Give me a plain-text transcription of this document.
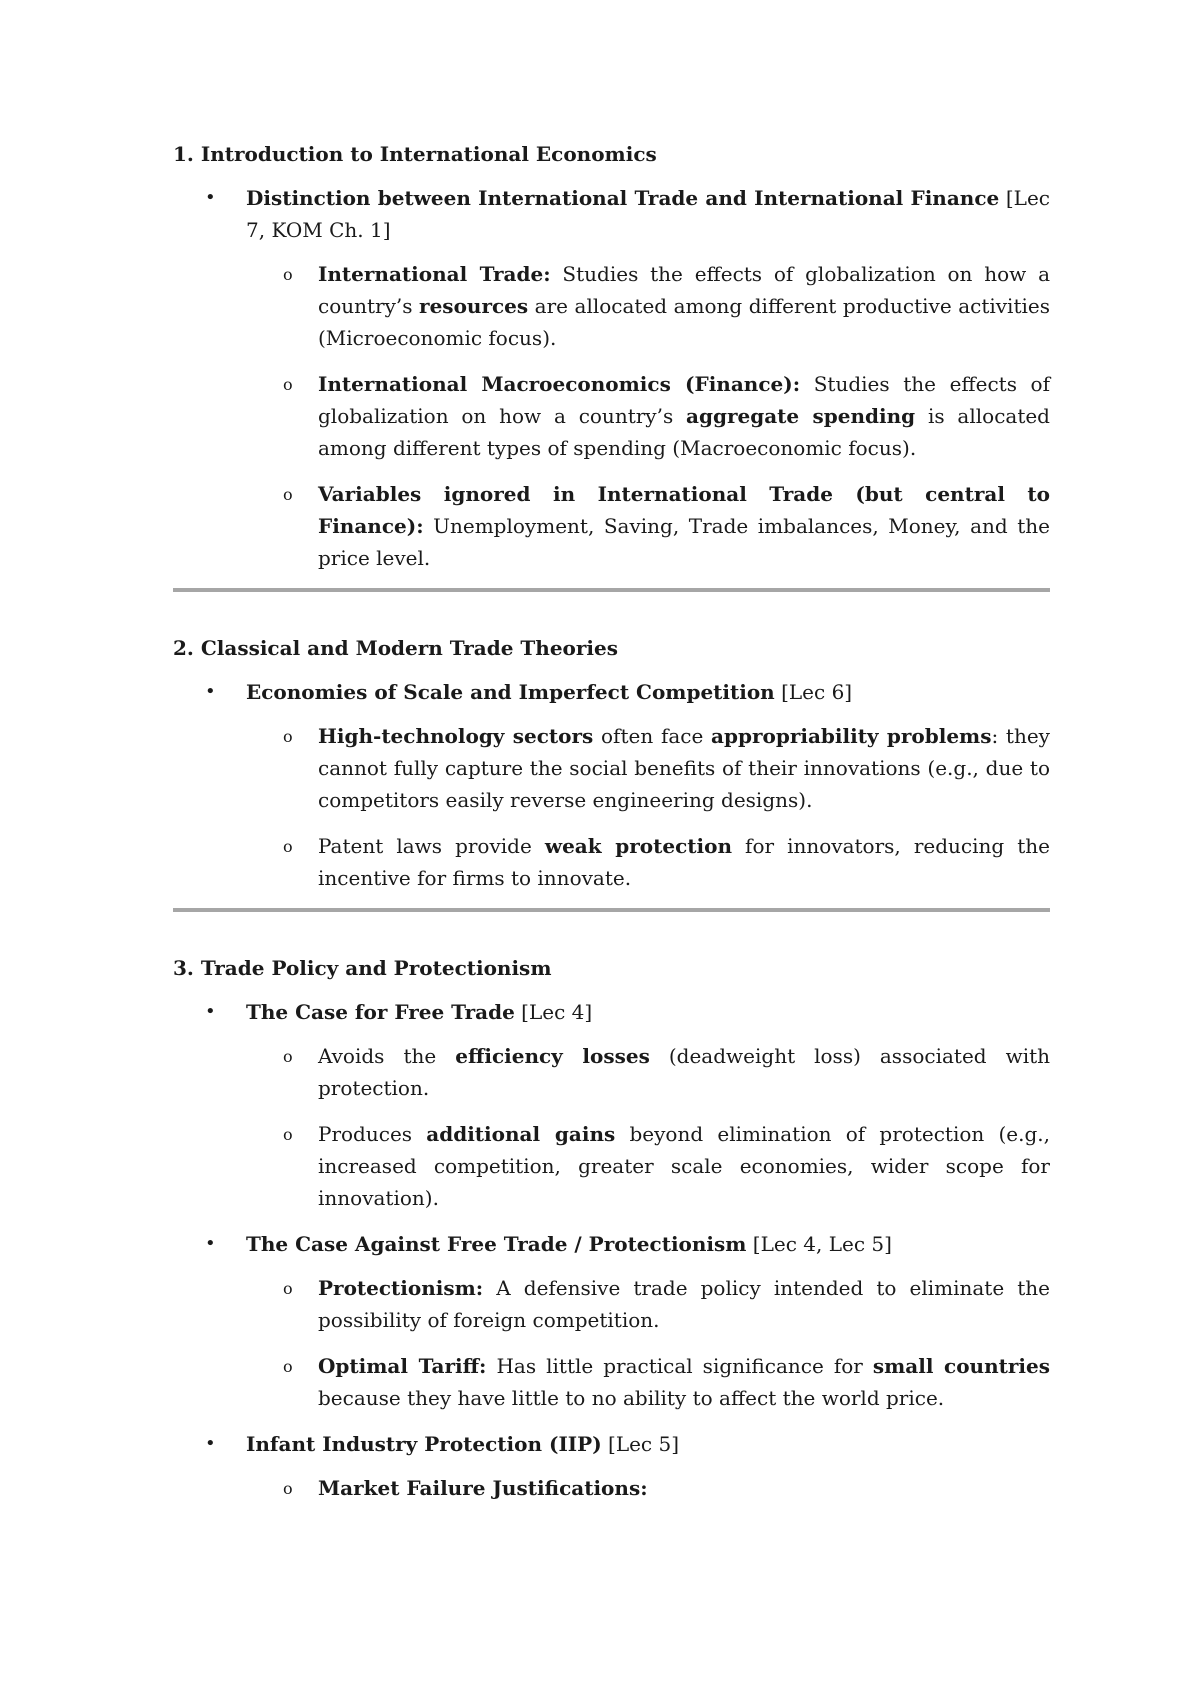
1. Introduction to International Economics
• Distinction between International Trade and International Finance [Lec 7, KOM Ch. 1]
o International Trade: Studies the effects of globalization on how a country’s resources are allocated among different productive activities (Microeconomic focus).
o International Macroeconomics (Finance): Studies the effects of globalization on how a country’s aggregate spending is allocated among different types of spending (Macroeconomic focus).
o Variables ignored in International Trade (but central to Finance): Unemployment, Saving, Trade imbalances, Money, and the price level.
2. Classical and Modern Trade Theories
• Economies of Scale and Imperfect Competition [Lec 6]
o High-technology sectors often face appropriability problems: they cannot fully capture the social benefits of their innovations (e.g., due to competitors easily reverse engineering designs).
o Patent laws provide weak protection for innovators, reducing the incentive for firms to innovate.
3. Trade Policy and Protectionism
• The Case for Free Trade [Lec 4]
o Avoids the efficiency losses (deadweight loss) associated with protection.
o Produces additional gains beyond elimination of protection (e.g., increased competition, greater scale economies, wider scope for innovation).
• The Case Against Free Trade / Protectionism [Lec 4, Lec 5]
o Protectionism: A defensive trade policy intended to eliminate the possibility of foreign competition.
o Optimal Tariff: Has little practical significance for small countries because they have little to no ability to affect the world price.
• Infant Industry Protection (IIP) [Lec 5]
o Market Failure Justifications:
